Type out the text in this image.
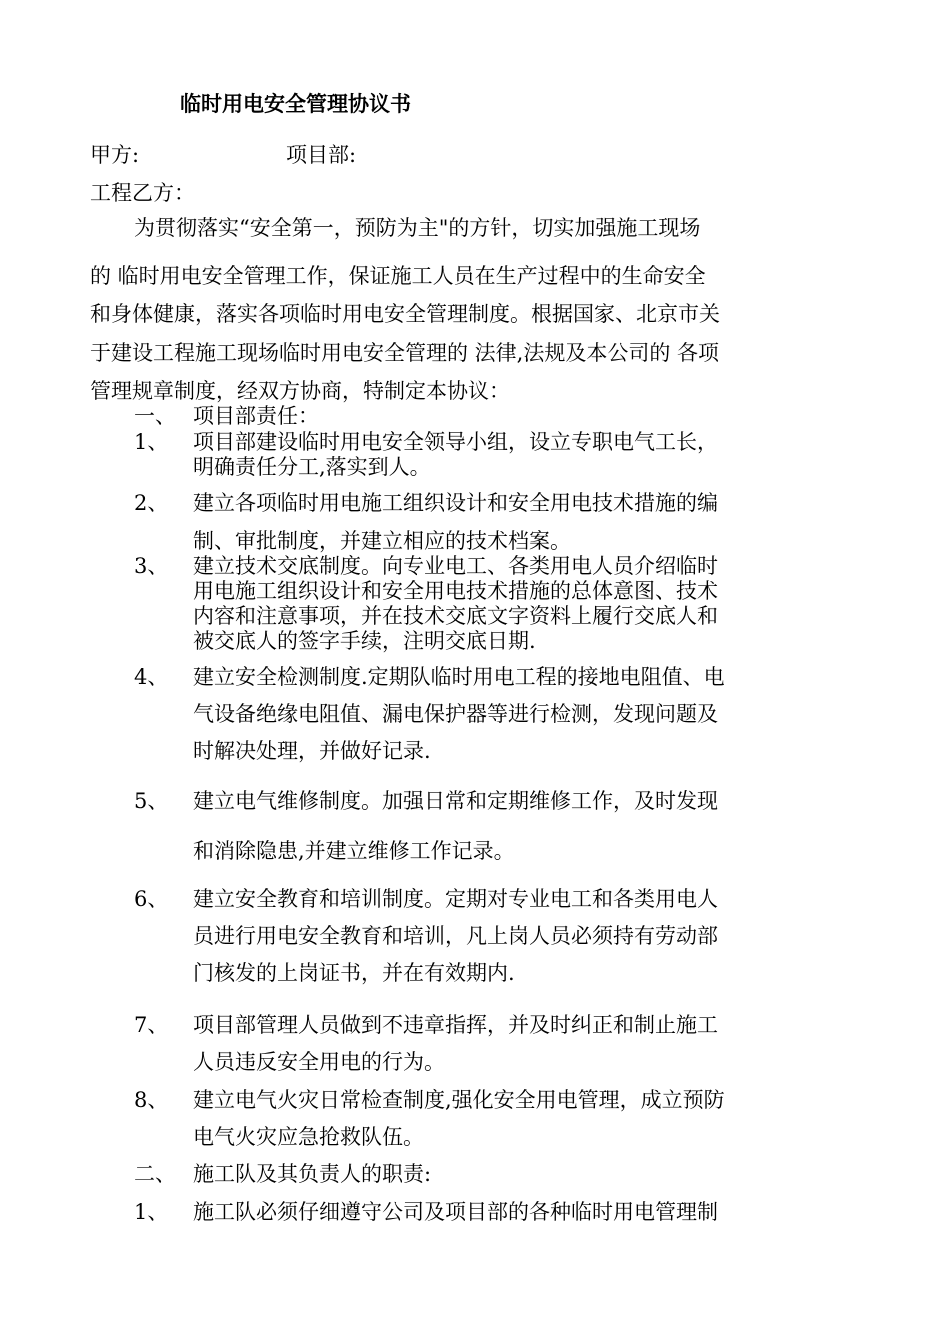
临时用电安全管理协议书
甲方:	项目部:
工程乙方：
为贯彻落实“安全第一，预防为主"的方针，切实加强施工现场
的 临时用电安全管理工作，保证施工人员在生产过程中的生命安全
和身体健康，落实各项临时用电安全管理制度。根据国家、北京市关
于建设工程施工现场临时用电安全管理的 法律,法规及本公司的 各项
管理规章制度，经双方协商，特制定本协议：
一、 项目部责任：
1、 项目部建设临时用电安全领导小组，设立专职电气工长，
明确责任分工,落实到人。
2、 建立各项临时用电施工组织设计和安全用电技术措施的编
制、审批制度，并建立相应的技术档案。
3、 建立技术交底制度。向专业电工、各类用电人员介绍临时
用电施工组织设计和安全用电技术措施的总体意图、技术
内容和注意事项，并在技术交底文字资料上履行交底人和
被交底人的签字手续，注明交底日期.
4、 建立安全检测制度.定期队临时用电工程的接地电阻值、电
气设备绝缘电阻值、漏电保护器等进行检测，发现问题及
时解决处理，并做好记录.
5、 建立电气维修制度。加强日常和定期维修工作，及时发现
和消除隐患,并建立维修工作记录。
6、 建立安全教育和培训制度。定期对专业电工和各类用电人
员进行用电安全教育和培训，凡上岗人员必须持有劳动部
门核发的上岗证书，并在有效期内.
7、 项目部管理人员做到不违章指挥，并及时纠正和制止施工
人员违反安全用电的行为。
8、 建立电气火灾日常检查制度,强化安全用电管理，成立预防
电气火灾应急抢救队伍。
二、 施工队及其负责人的职责:
1、 施工队必须仔细遵守公司及项目部的各种临时用电管理制
